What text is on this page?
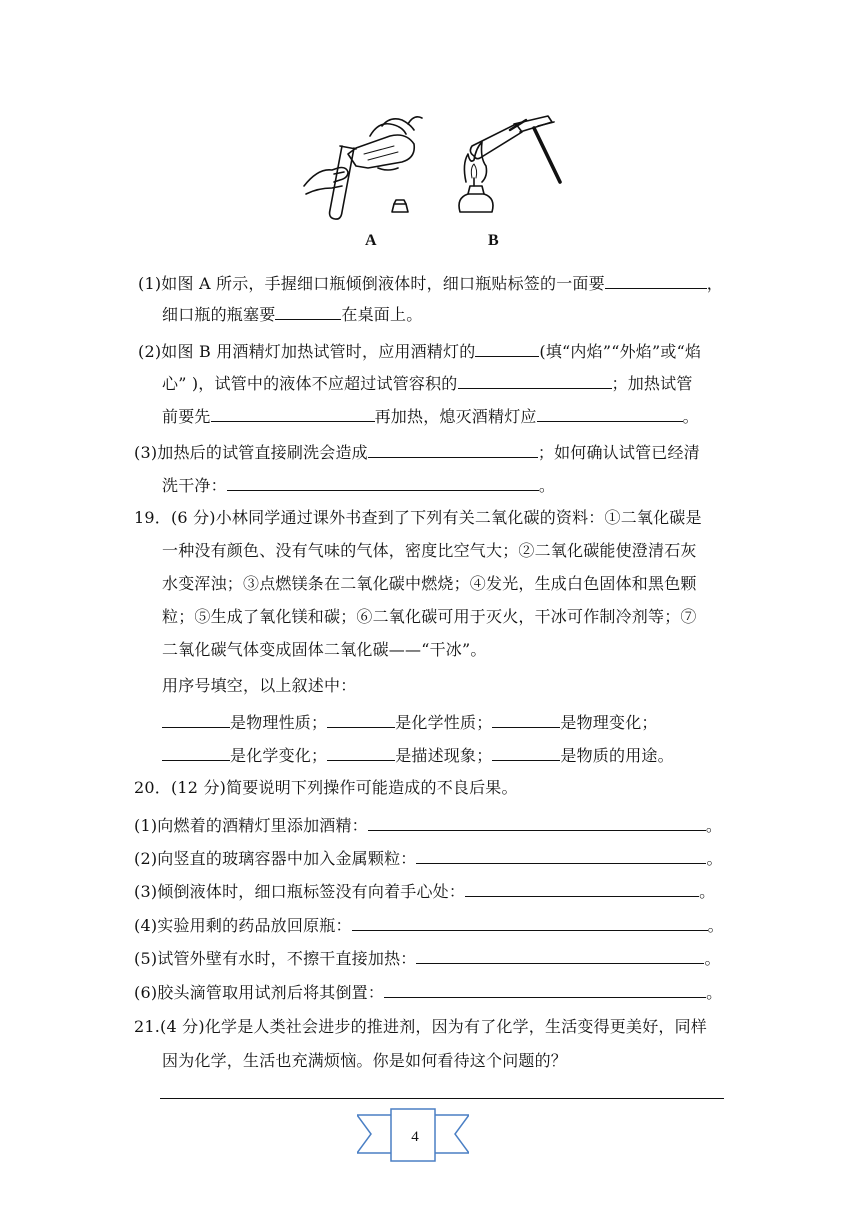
A	B
(1)如图 A 所示，手握细口瓶倾倒液体时，细口瓶贴标签的一面要	，
细口瓶的瓶塞要	在桌面上。
(2)如图 B 用酒精灯加热试管时，应用酒精灯的	(填“内焰”“外焰”或“焰
心” )，试管中的液体不应超过试管容积的	；加热试管
前要先	再加热，熄灭酒精灯应	。
(3)加热后的试管直接刷洗会造成	；如何确认试管已经清
洗干净：	。
19．(6 分)小林同学通过课外书查到了下列有关二氧化碳的资料：①二氧化碳是
一种没有颜色、没有气味的气体，密度比空气大；②二氧化碳能使澄清石灰
水变浑浊；③点燃镁条在二氧化碳中燃烧；④发光，生成白色固体和黑色颗
粒；⑤生成了氧化镁和碳；⑥二氧化碳可用于灭火，干冰可作制冷剂等；⑦
二氧化碳气体变成固体二氧化碳——“干冰”。
用序号填空，以上叙述中：
是物理性质；	是化学性质；	是物理变化；
是化学变化；	是描述现象；	是物质的用途。
20．(12 分)简要说明下列操作可能造成的不良后果。
(1)向燃着的酒精灯里添加酒精：	。
(2)向竖直的玻璃容器中加入金属颗粒：	。
(3)倾倒液体时，细口瓶标签没有向着手心处：	。
(4)实验用剩的药品放回原瓶：	。
(5)试管外壁有水时，不擦干直接加热：	。
(6)胶头滴管取用试剂后将其倒置：	。
21.(4 分)化学是人类社会进步的推进剂，因为有了化学，生活变得更美好，同样
因为化学，生活也充满烦恼。你是如何看待这个问题的？
4
